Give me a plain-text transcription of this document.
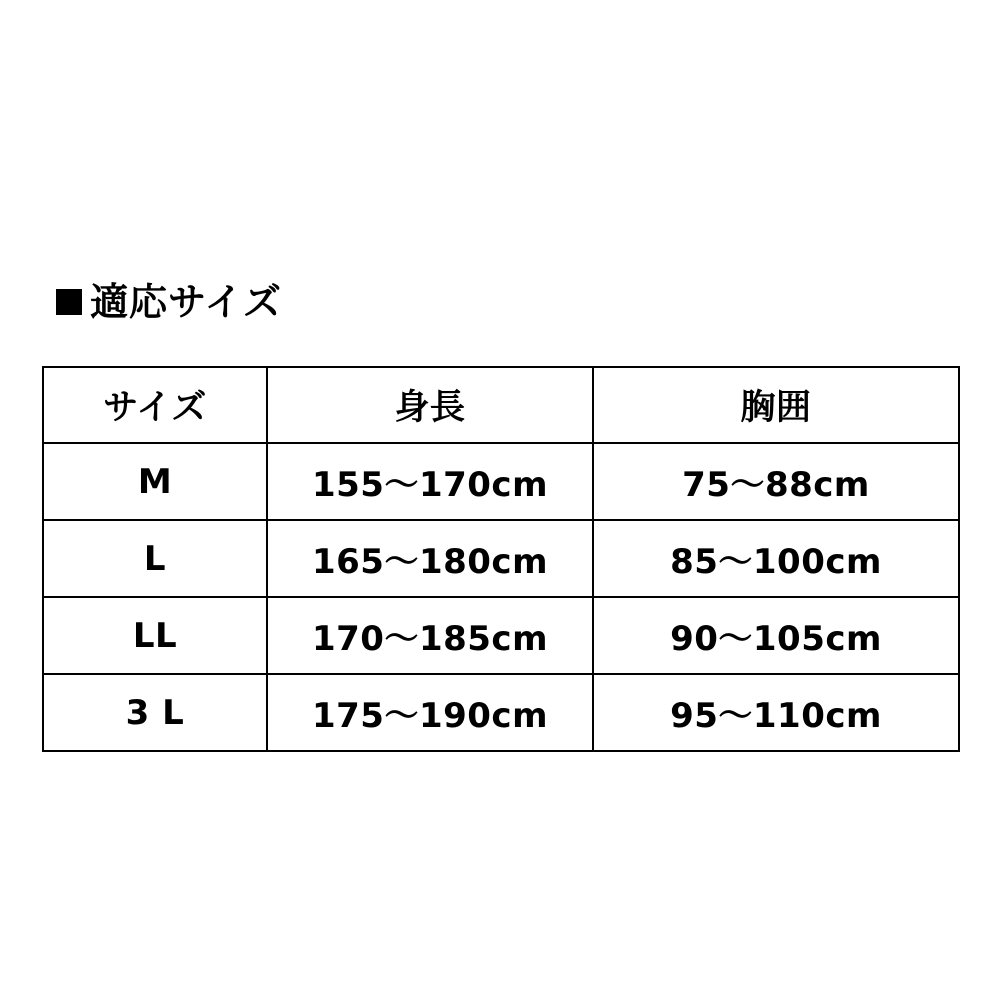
適応サイズ
サイズ	身長	胸囲
M	155〜170cm	75〜88cm
L	165〜180cm	85〜100cm
LL	170〜185cm	90〜105cm
3 L	175〜190cm	95〜110cm
